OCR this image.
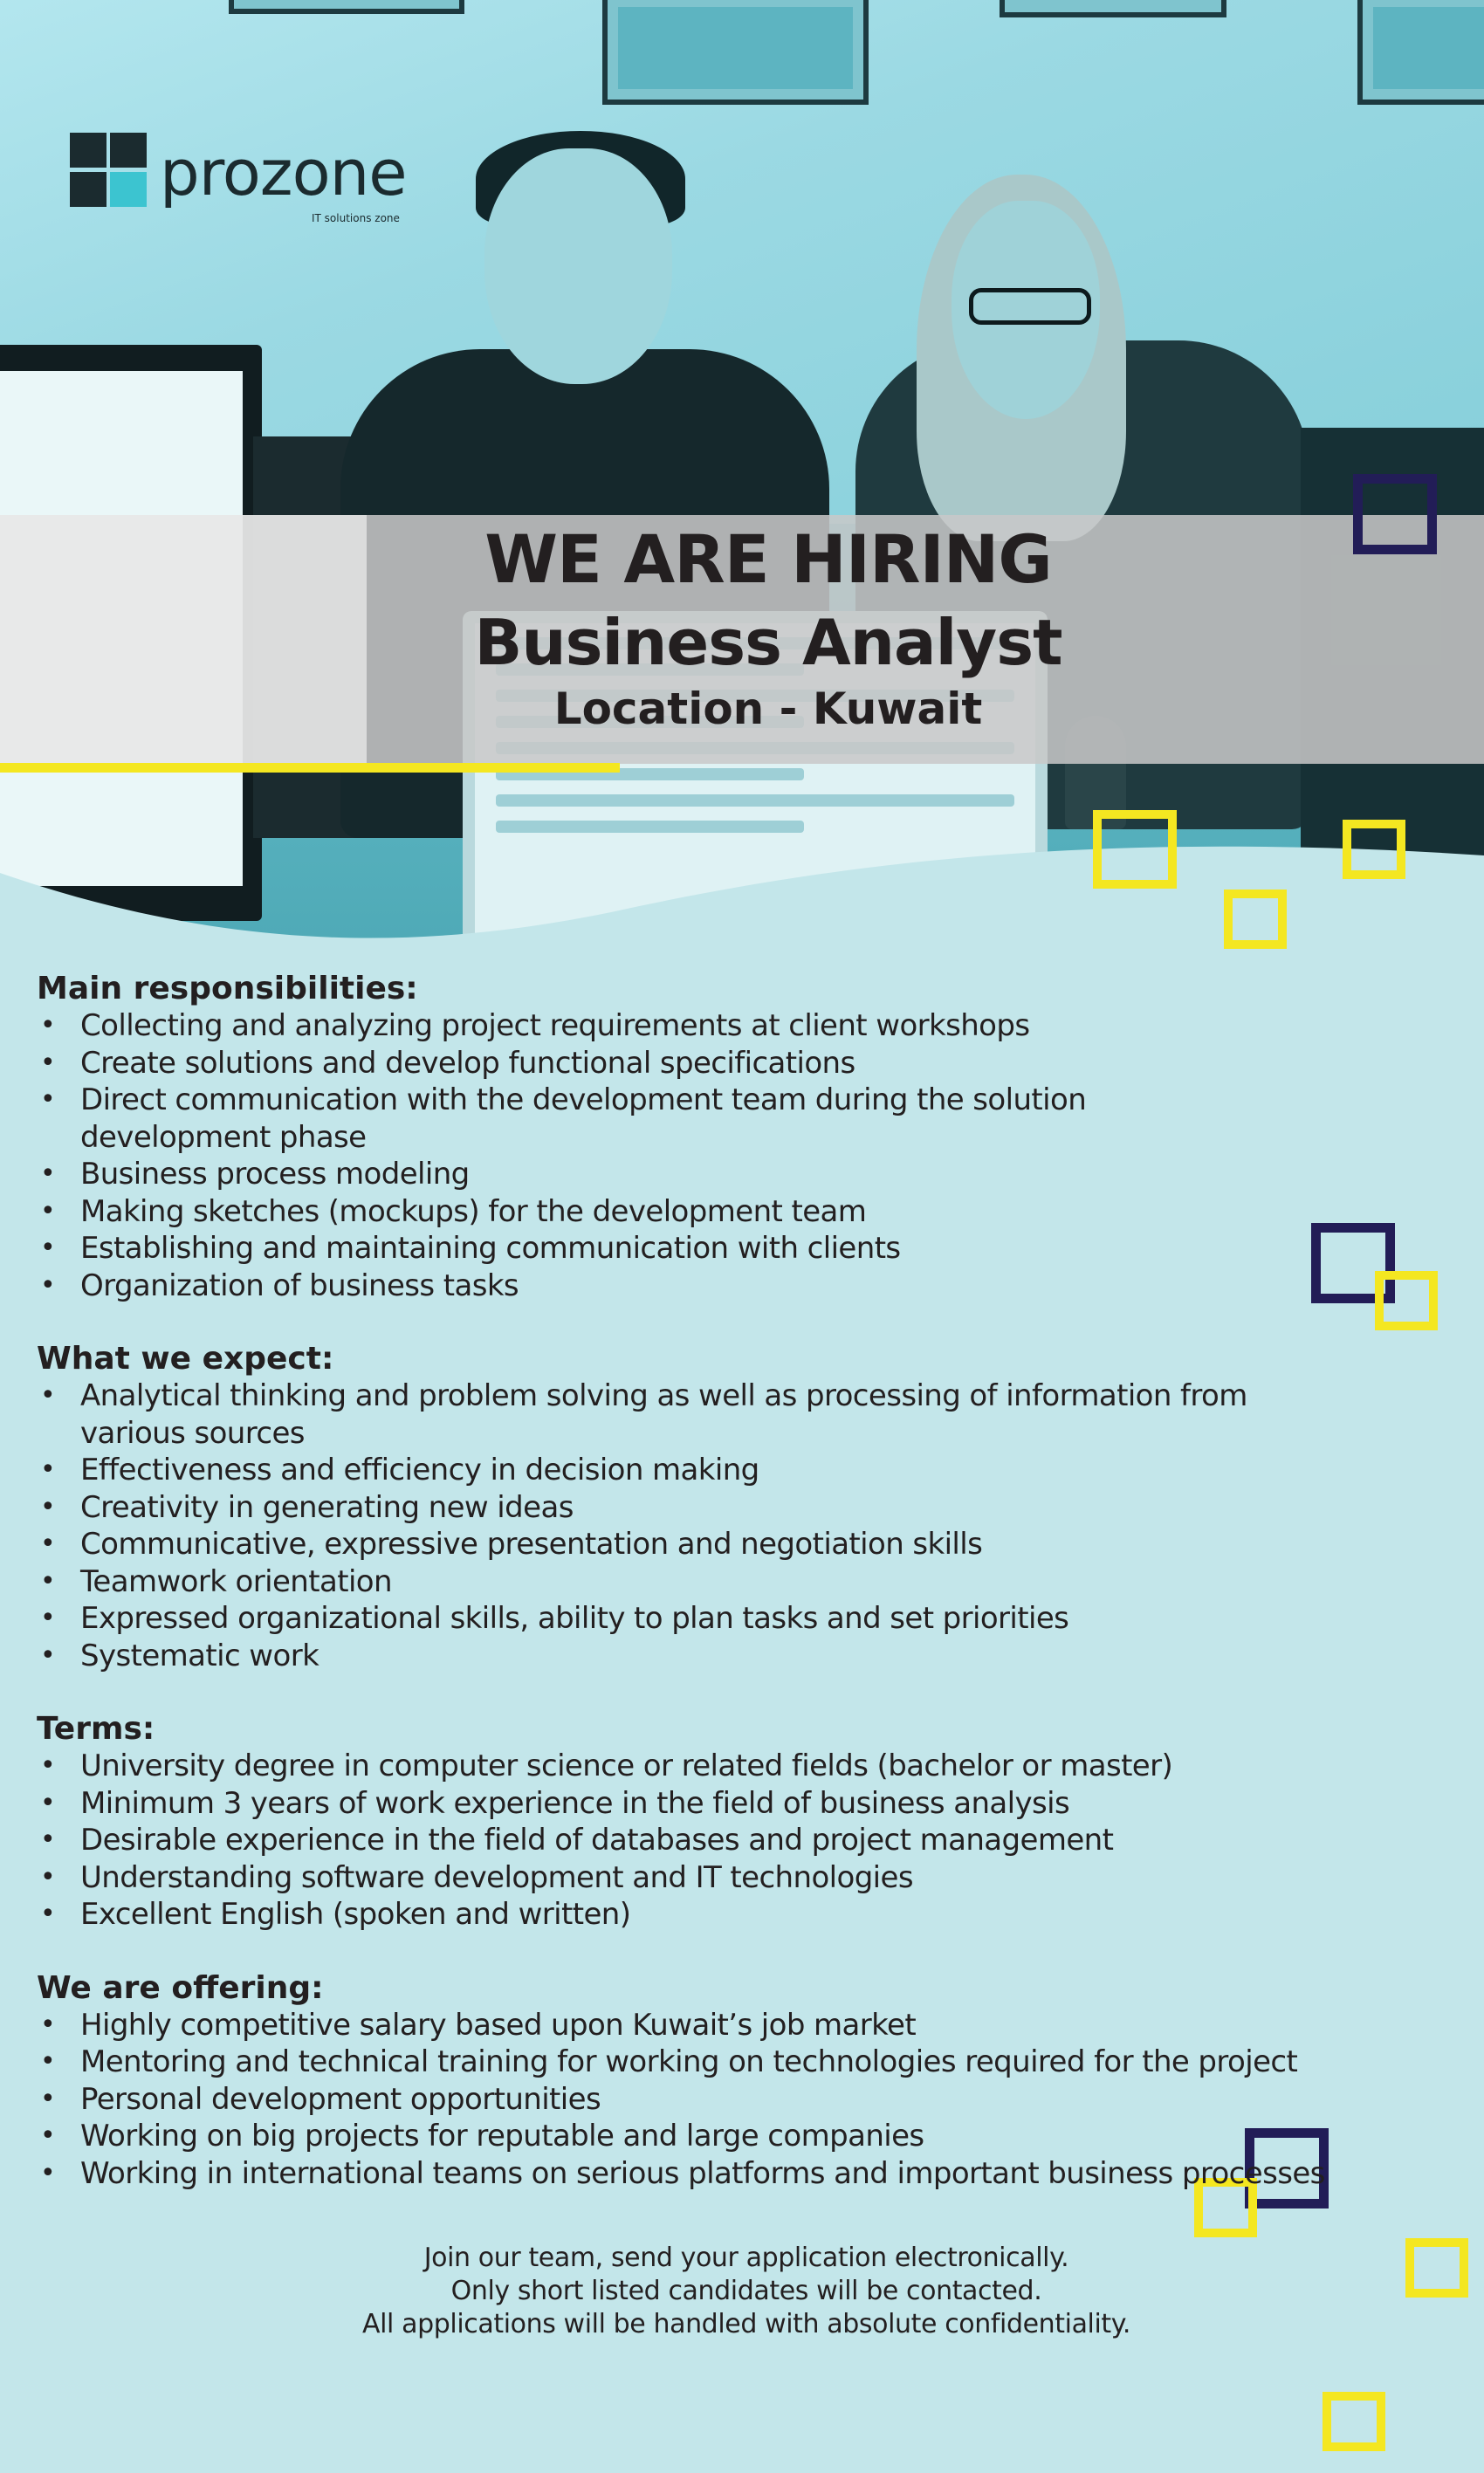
prozone
IT solutions zone
WE ARE HIRING
Business Analyst
Location - Kuwait
Main responsibilities:
• Collecting and analyzing project requirements at client workshops
• Create solutions and develop functional specifications
• Direct communication with the development team during the solution development phase
• Business process modeling
• Making sketches (mockups) for the development team
• Establishing and maintaining communication with clients
• Organization of business tasks
What we expect:
• Analytical thinking and problem solving as well as processing of information from various sources
• Effectiveness and efficiency in decision making
• Creativity in generating new ideas
• Communicative, expressive presentation and negotiation skills
• Teamwork orientation
• Expressed organizational skills, ability to plan tasks and set priorities
• Systematic work
Terms:
• University degree in computer science or related fields (bachelor or master)
• Minimum 3 years of work experience in the field of business analysis
• Desirable experience in the field of databases and project management
• Understanding software development and IT technologies
• Excellent English (spoken and written)
We are offering:
• Highly competitive salary based upon Kuwait’s job market
• Mentoring and technical training for working on technologies required for the project
• Personal development opportunities
• Working on big projects for reputable and large companies
• Working in international teams on serious platforms and important business processes
Join our team, send your application electronically.
Only short listed candidates will be contacted.
All applications will be handled with absolute confidentiality.
